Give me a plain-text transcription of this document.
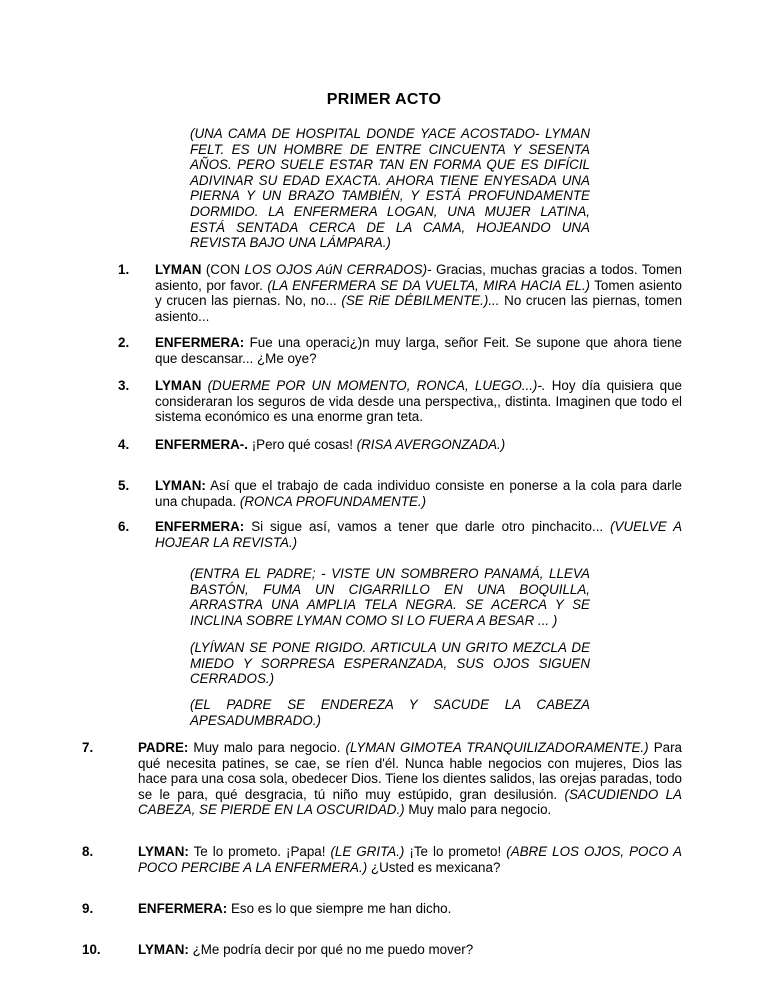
PRIMER ACTO
(UNA CAMA DE HOSPITAL DONDE YACE ACOSTADO- LYMAN FELT. ES UN HOMBRE DE ENTRE CINCUENTA Y SESENTA AÑOS. PERO SUELE ESTAR TAN EN FORMA QUE ES DIFÍCIL ADIVINAR SU EDAD EXACTA. AHORA TIENE ENYESADA UNA PIERNA Y UN BRAZO TAMBIÉN, Y ESTÁ PROFUNDAMENTE DORMIDO. LA ENFERMERA LOGAN, UNA MUJER LATINA, ESTÁ SENTADA CERCA DE LA CAMA, HOJEANDO UNA REVISTA BAJO UNA LÁMPARA.)
1.	LYMAN (CON LOS OJOS AúN CERRADOS)- Gracias, muchas gracias a todos. Tomen asiento, por favor. (LA ENFERMERA SE DA VUELTA, MIRA HACIA EL.) Tomen asiento y crucen las piernas. No, no... (SE RiE DÉBILMENTE.)... No crucen las piernas, tomen asiento...
2.	ENFERMERA: Fue una operaci¿)n muy larga, señor Feit. Se supone que ahora tiene que descansar... ¿Me oye?
3.	LYMAN (DUERME POR UN MOMENTO, RONCA, LUEGO...)-. Hoy día quisiera que consideraran los seguros de vida desde una perspectiva,, distinta. Imaginen que todo el sistema económico es una enorme gran teta.
4.	ENFERMERA-. ¡Pero qué cosas! (RISA AVERGONZADA.)
5.	LYMAN: Así que el trabajo de cada individuo consiste en ponerse a la cola para darle una chupada. (RONCA PROFUNDAMENTE.)
6.	ENFERMERA: Si sigue así, vamos a tener que darle otro pinchacito... (VUELVE A HOJEAR LA REVISTA.)
(ENTRA EL PADRE; - VISTE UN SOMBRERO PANAMÁ, LLEVA BASTÓN, FUMA UN CIGARRILLO EN UNA BOQUILLA, ARRASTRA UNA AMPLIA TELA NEGRA. SE ACERCA Y SE INCLINA SOBRE LYMAN COMO SI LO FUERA A BESAR ... )
(LYÍWAN SE PONE RIGIDO. ARTICULA UN GRITO MEZCLA DE MIEDO Y SORPRESA ESPERANZADA, SUS OJOS SIGUEN CERRADOS.)
(EL PADRE SE ENDEREZA Y SACUDE LA CABEZA APESADUMBRADO.)
7.	PADRE: Muy malo para negocio. (LYMAN GIMOTEA TRANQUILIZADORAMENTE.) Para qué necesita patines, se cae, se ríen d'él. Nunca hable negocios con mujeres, Dios las hace para una cosa sola, obedecer Dios. Tiene los dientes salidos, las orejas paradas, todo se le para, qué desgracia, tú niño muy estúpido, gran desilusión. (SACUDIENDO LA CABEZA, SE PIERDE EN LA OSCURIDAD.) Muy malo para negocio.
8.	LYMAN: Te lo prometo. ¡Papa! (LE GRITA.) ¡Te lo prometo! (ABRE LOS OJOS, POCO A POCO PERCIBE A LA ENFERMERA.) ¿Usted es mexicana?
9.	ENFERMERA: Eso es lo que siempre me han dicho.
10.	LYMAN: ¿Me podría decir por qué no me puedo mover?
